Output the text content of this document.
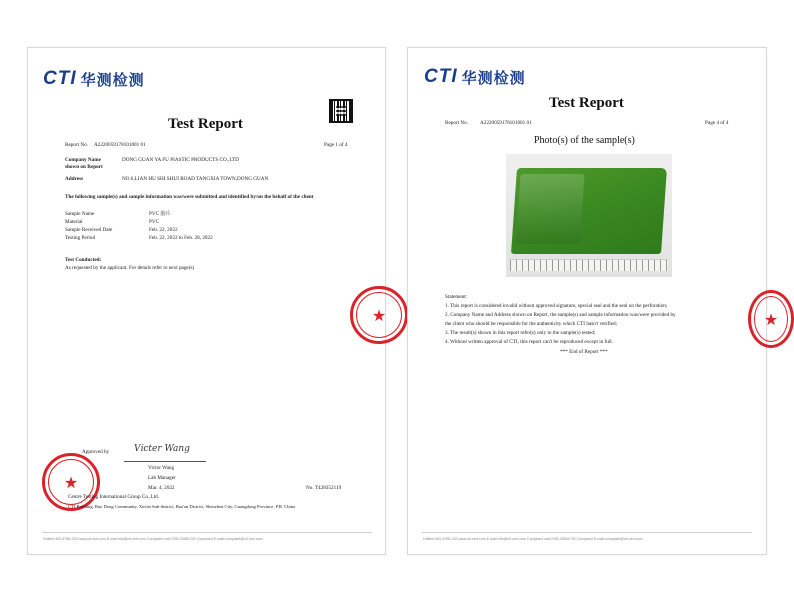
CTI 华测检测
Test Report
Report No. A2220059178101001 01	Page 1 of 4
Company Name shown on Report
DONG GUAN YA FU PIASTIC PRODUCTS CO.,LTD
Address	NO.6,LIAN HU SHI SHUI ROAD TANGXIA TOWN,DONG GUAN
The following sample(s) and sample information was/were submitted and identified by/on the behalf of the client
Sample Name	PVC 胶片
Material	PVC
Sample Received Date	Feb. 22, 2022
Testing Period	Feb. 22, 2022 to Feb. 28, 2022
Test Conducted:
As requested by the applicant. For details refer to next page(s)
★
Approved by	Vi̇cter Wang
Victor Wang
Lab Manager
Mar. 4, 2022	No. T428352119
★
Centre Testing International Group Co.,Ltd.
CTI Building, Bao Dong Community, Xin'an Sub-district, Bao'an District, Shenzhen City, Guangdong Province, P.R. China
Hotline:400-6788-333 www.cti-cert.com E-mail:info@cti-cert.com Complaint call:0755-33681700 Complaint E-mail:complaint@cti-cert.com
CTI 华测检测
Test Report
Report No. A2220059178101001 01	Page 4 of 4
Photo(s) of the sample(s)
Statement:
1. This report is considered invalid without approved signature, special seal and the seal on the perforation;
2. Company Name and Address shown on Report, the sample(s) and sample information was/were provided by
the client who should be responsible for the authenticity which CTI hasn't verified;
3. The result(s) shown in this report refer(s) only to the sample(s) tested;
4. Without written approval of CTI, this report can't be reproduced except in full.
*** End of Report ***
★
Hotline:400-6788-333 www.cti-cert.com E-mail:info@cti-cert.com Complaint call:0755-33681700 Complaint E-mail:complaint@cti-cert.com
